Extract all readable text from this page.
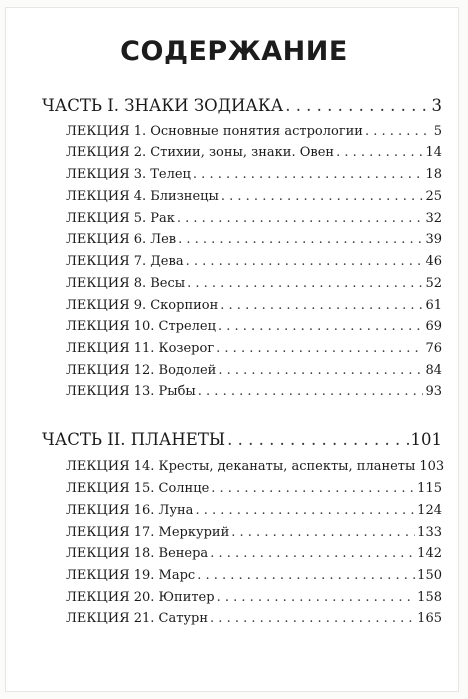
СОДЕРЖАНИЕ
ЧАСТЬ I. ЗНАКИ ЗОДИАКА . . .	3
ЛЕКЦИЯ 1. Основные понятия астрологии . . .	5
ЛЕКЦИЯ 2. Стихии, зоны, знаки. Овен . . .	14
ЛЕКЦИЯ 3. Телец . . .	18
ЛЕКЦИЯ 4. Близнецы . . .	25
ЛЕКЦИЯ 5. Рак . . .	32
ЛЕКЦИЯ 6. Лев . . .	39
ЛЕКЦИЯ 7. Дева . . .	46
ЛЕКЦИЯ 8. Весы . . .	52
ЛЕКЦИЯ 9. Скорпион . . .	61
ЛЕКЦИЯ 10. Стрелец . . .	69
ЛЕКЦИЯ 11. Козерог . . .	76
ЛЕКЦИЯ 12. Водолей . . .	84
ЛЕКЦИЯ 13. Рыбы . . .	93
ЧАСТЬ II. ПЛАНЕТЫ . . .	101
ЛЕКЦИЯ 14. Кресты, деканаты, аспекты, планеты 103
ЛЕКЦИЯ 15. Солнце . . .	115
ЛЕКЦИЯ 16. Луна . . .	124
ЛЕКЦИЯ 17. Меркурий . . .	133
ЛЕКЦИЯ 18. Венера . . .	142
ЛЕКЦИЯ 19. Марс . . .	150
ЛЕКЦИЯ 20. Юпитер . . .	158
ЛЕКЦИЯ 21. Сатурн . . .	165
